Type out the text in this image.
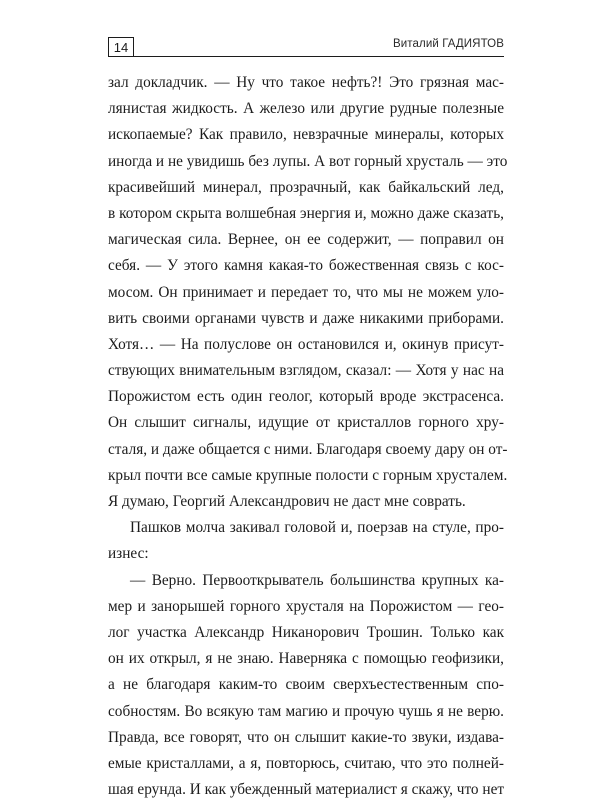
14	Виталий ГАДИЯТОВ
зал докладчик. — Ну что такое нефть?! Это грязная мас-
лянистая жидкость. А железо или другие рудные полезные
ископаемые? Как правило, невзрачные минералы, которых
иногда и не увидишь без лупы. А вот горный хрусталь — это
красивейший минерал, прозрачный, как байкальский лед,
в котором скрыта волшебная энергия и, можно даже сказать,
магическая сила. Вернее, он ее содержит, — поправил он
себя. — У этого камня какая-то божественная связь с кос-
мосом. Он принимает и передает то, что мы не можем уло-
вить своими органами чувств и даже никакими приборами.
Хотя… — На полуслове он остановился и, окинув присут-
ствующих внимательным взглядом, сказал: — Хотя у нас на
Порожистом есть один геолог, который вроде экстрасенса.
Он слышит сигналы, идущие от кристаллов горного хру-
сталя, и даже общается с ними. Благодаря своему дару он от-
крыл почти все самые крупные полости с горным хрусталем.
Я думаю, Георгий Александрович не даст мне соврать.
Пашков молча закивал головой и, поерзав на стуле, про-
изнес:
— Верно. Первооткрыватель большинства крупных ка-
мер и занорышей горного хрусталя на Порожистом — гео-
лог участка Александр Никанорович Трошин. Только как
он их открыл, я не знаю. Наверняка с помощью геофизики,
а не благодаря каким-то своим сверхъестественным спо-
собностям. Во всякую там магию и прочую чушь я не верю.
Правда, все говорят, что он слышит какие-то звуки, издава-
емые кристаллами, а я, повторюсь, считаю, что это полней-
шая ерунда. И как убежденный материалист я скажу, что нет
